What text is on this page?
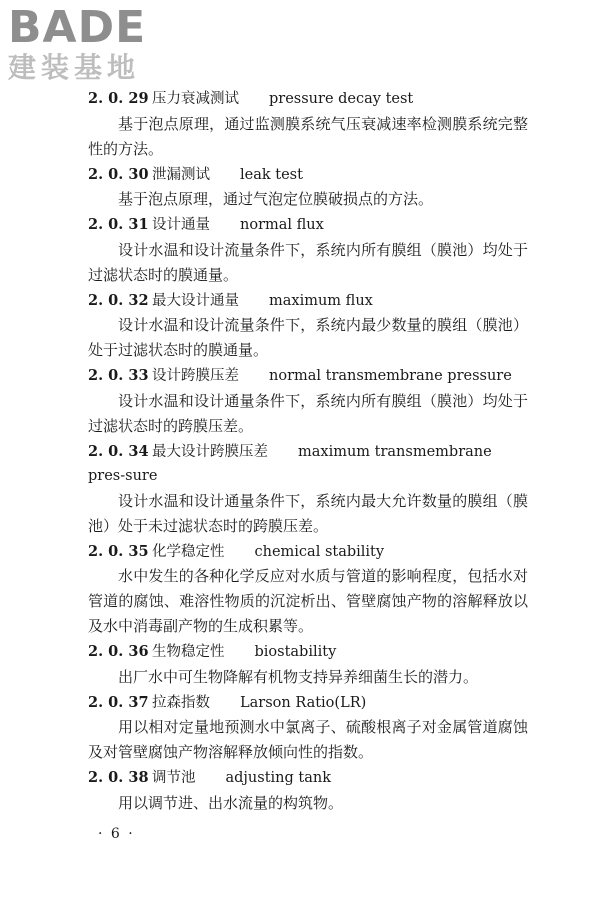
BADE
建装基地
2. 0. 29 压力衰减测试 pressure decay test

基于泡点原理，通过监测膜系统气压衰减速率检测膜系统完整性的方法。

2. 0. 30 泄漏测试 leak test

基于泡点原理，通过气泡定位膜破损点的方法。

2. 0. 31 设计通量 normal flux

设计水温和设计流量条件下，系统内所有膜组（膜池）均处于过滤状态时的膜通量。

2. 0. 32 最大设计通量 maximum flux

设计水温和设计流量条件下，系统内最少数量的膜组（膜池）处于过滤状态时的膜通量。

2. 0. 33 设计跨膜压差 normal transmembrane pressure

设计水温和设计通量条件下，系统内所有膜组（膜池）均处于过滤状态时的跨膜压差。

2. 0. 34 最大设计跨膜压差 maximum transmembrane pres-sure

设计水温和设计通量条件下，系统内最大允许数量的膜组（膜池）处于未过滤状态时的跨膜压差。

2. 0. 35 化学稳定性 chemical stability

水中发生的各种化学反应对水质与管道的影响程度，包括水对管道的腐蚀、难溶性物质的沉淀析出、管壁腐蚀产物的溶解释放以及水中消毒副产物的生成积累等。

2. 0. 36 生物稳定性 biostability

出厂水中可生物降解有机物支持异养细菌生长的潜力。

2. 0. 37 拉森指数 Larson Ratio(LR)

用以相对定量地预测水中氯离子、硫酸根离子对金属管道腐蚀及对管壁腐蚀产物溶解释放倾向性的指数。

2. 0. 38 调节池 adjusting tank

用以调节进、出水流量的构筑物。

· 6 ·
